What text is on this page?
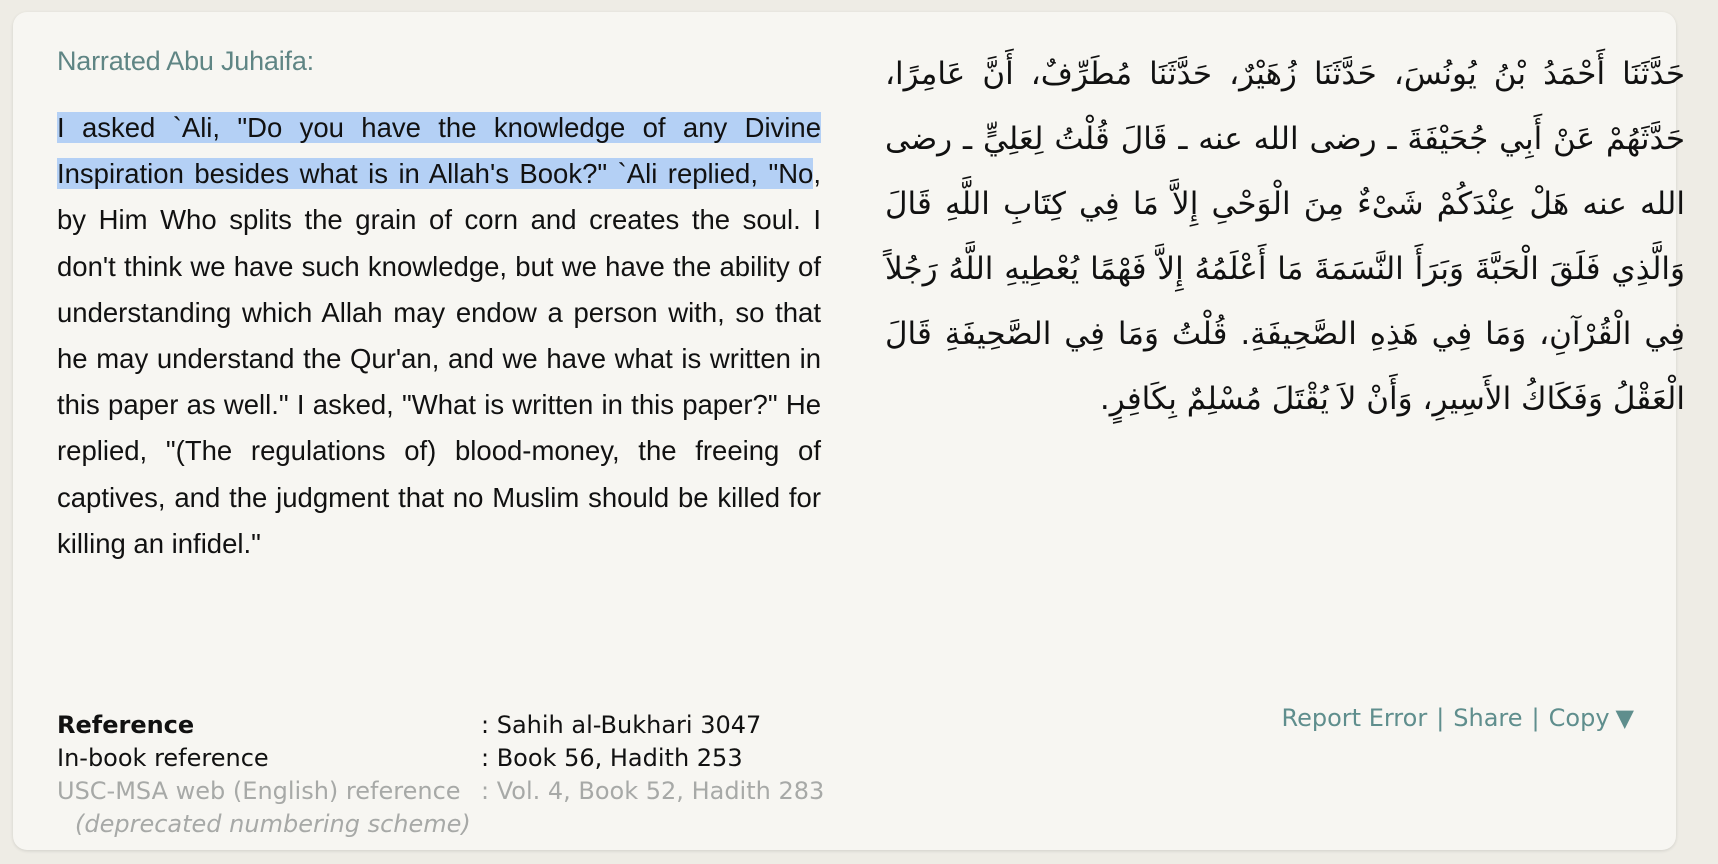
Narrated Abu Juhaifa:
I asked `Ali, "Do you have the knowledge of any Divine Inspiration besides what is in Allah's Book?" `Ali replied, "No, by Him Who splits the grain of corn and creates the soul. I don't think we have such knowledge, but we have the ability of understanding which Allah may endow a person with, so that he may understand the Qur'an, and we have what is written in this paper as well." I asked, "What is written in this paper?" He replied, "(The regulations of) blood-money, the freeing of captives, and the judgment that no Muslim should be killed for killing an infidel."
حَدَّثَنَا أَحْمَدُ بْنُ يُونُسَ، حَدَّثَنَا زُهَيْرٌ، حَدَّثَنَا مُطَرِّفٌ، أَنَّ عَامِرًا، حَدَّثَهُمْ عَنْ أَبِي جُحَيْفَةَ ـ رضى الله عنه ـ قَالَ قُلْتُ لِعَلِيٍّ ـ رضى الله عنه هَلْ عِنْدَكُمْ شَىْءٌ مِنَ الْوَحْىِ إِلاَّ مَا فِي كِتَابِ اللَّهِ قَالَ وَالَّذِي فَلَقَ الْحَبَّةَ وَبَرَأَ النَّسَمَةَ مَا أَعْلَمُهُ إِلاَّ فَهْمًا يُعْطِيهِ اللَّهُ رَجُلاً فِي الْقُرْآنِ، وَمَا فِي هَذِهِ الصَّحِيفَةِ‏.‏ قُلْتُ وَمَا فِي الصَّحِيفَةِ قَالَ الْعَقْلُ وَفَكَاكُ الأَسِيرِ، وَأَنْ لاَ يُقْتَلَ مُسْلِمٌ بِكَافِرٍ‏.
Reference	: Sahih al-Bukhari 3047
In-book reference	: Book 56, Hadith 253
USC-MSA web (English) reference : Vol. 4, Book 52, Hadith 283
(deprecated numbering scheme)
Report Error | Share | Copy ▼
